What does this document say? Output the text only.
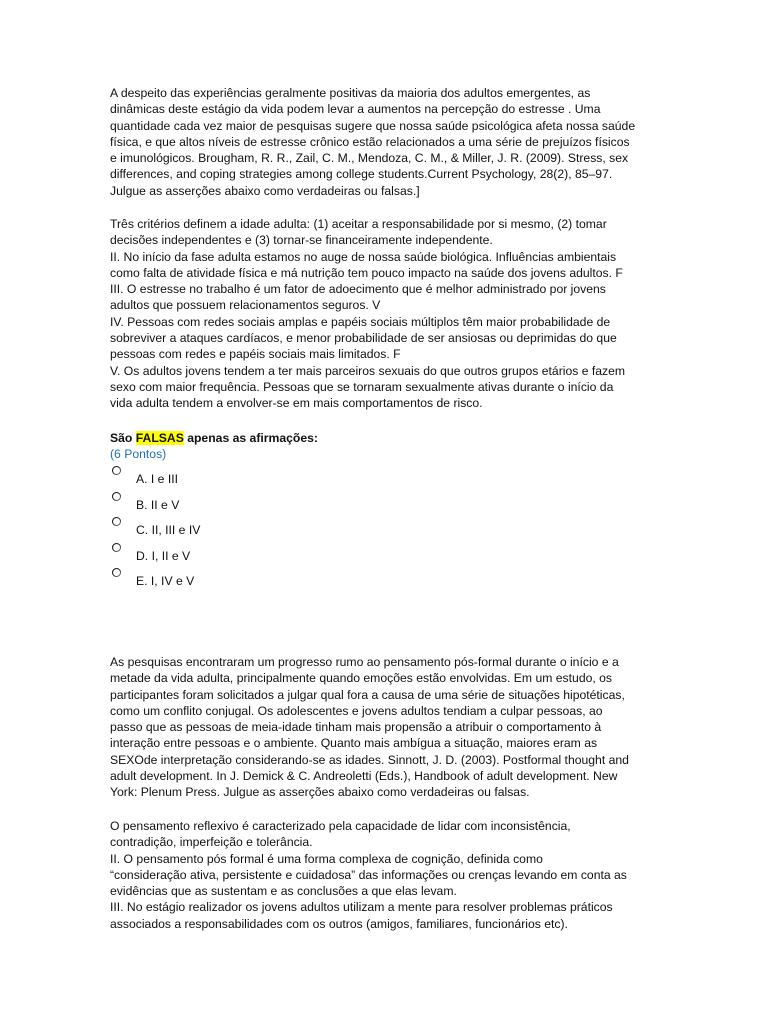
A despeito das experiências geralmente positivas da maioria dos adultos emergentes, as

dinâmicas deste estágio da vida podem levar a aumentos na percepção do estresse . Uma

quantidade cada vez maior de pesquisas sugere que nossa saúde psicológica afeta nossa saúde

física, e que altos níveis de estresse crônico estão relacionados a uma série de prejuízos físicos

e imunológicos. Brougham, R. R., Zail, C. M., Mendoza, C. M., & Miller, J. R. (2009). Stress, sex

differences, and coping strategies among college students.Current Psychology, 28(2), 85–97.

Julgue as asserções abaixo como verdadeiras ou falsas.]

Três critérios definem a idade adulta: (1) aceitar a responsabilidade por si mesmo, (2) tomar

decisões independentes e (3) tornar-se financeiramente independente.

II. No início da fase adulta estamos no auge de nossa saúde biológica. Influências ambientais

como falta de atividade física e má nutrição tem pouco impacto na saúde dos jovens adultos. F

III. O estresse no trabalho é um fator de adoecimento que é melhor administrado por jovens

adultos que possuem relacionamentos seguros. V

IV. Pessoas com redes sociais amplas e papéis sociais múltiplos têm maior probabilidade de

sobreviver a ataques cardíacos, e menor probabilidade de ser ansiosas ou deprimidas do que

pessoas com redes e papéis sociais mais limitados. F

V. Os adultos jovens tendem a ter mais parceiros sexuais do que outros grupos etários e fazem

sexo com maior frequência. Pessoas que se tornaram sexualmente ativas durante o início da

vida adulta tendem a envolver-se em mais comportamentos de risco.

São FALSAS apenas as afirmações:

(6 Pontos)

A. I e III
B. II e V
C. II, III e IV
D. I, II e V
E. I, IV e V

As pesquisas encontraram um progresso rumo ao pensamento pós-formal durante o início e a

metade da vida adulta, principalmente quando emoções estão envolvidas. Em um estudo, os

participantes foram solicitados a julgar qual fora a causa de uma série de situações hipotéticas,

como um conflito conjugal. Os adolescentes e jovens adultos tendiam a culpar pessoas, ao

passo que as pessoas de meia-idade tinham mais propensão a atribuir o comportamento à

interação entre pessoas e o ambiente. Quanto mais ambígua a situação, maiores eram as

SEXOde interpretação considerando-se as idades. Sinnott, J. D. (2003). Postformal thought and

adult development. In J. Demick & C. Andreoletti (Eds.), Handbook of adult development. New

York: Plenum Press. Julgue as asserções abaixo como verdadeiras ou falsas.

O pensamento reflexivo é caracterizado pela capacidade de lidar com inconsistência,

contradição, imperfeição e tolerância.

II. O pensamento pós formal é uma forma complexa de cognição, definida como

“consideração ativa, persistente e cuidadosa” das informações ou crenças levando em conta as

evidências que as sustentam e as conclusões a que elas levam.

III. No estágio realizador os jovens adultos utilizam a mente para resolver problemas práticos

associados a responsabilidades com os outros (amigos, familiares, funcionários etc).
